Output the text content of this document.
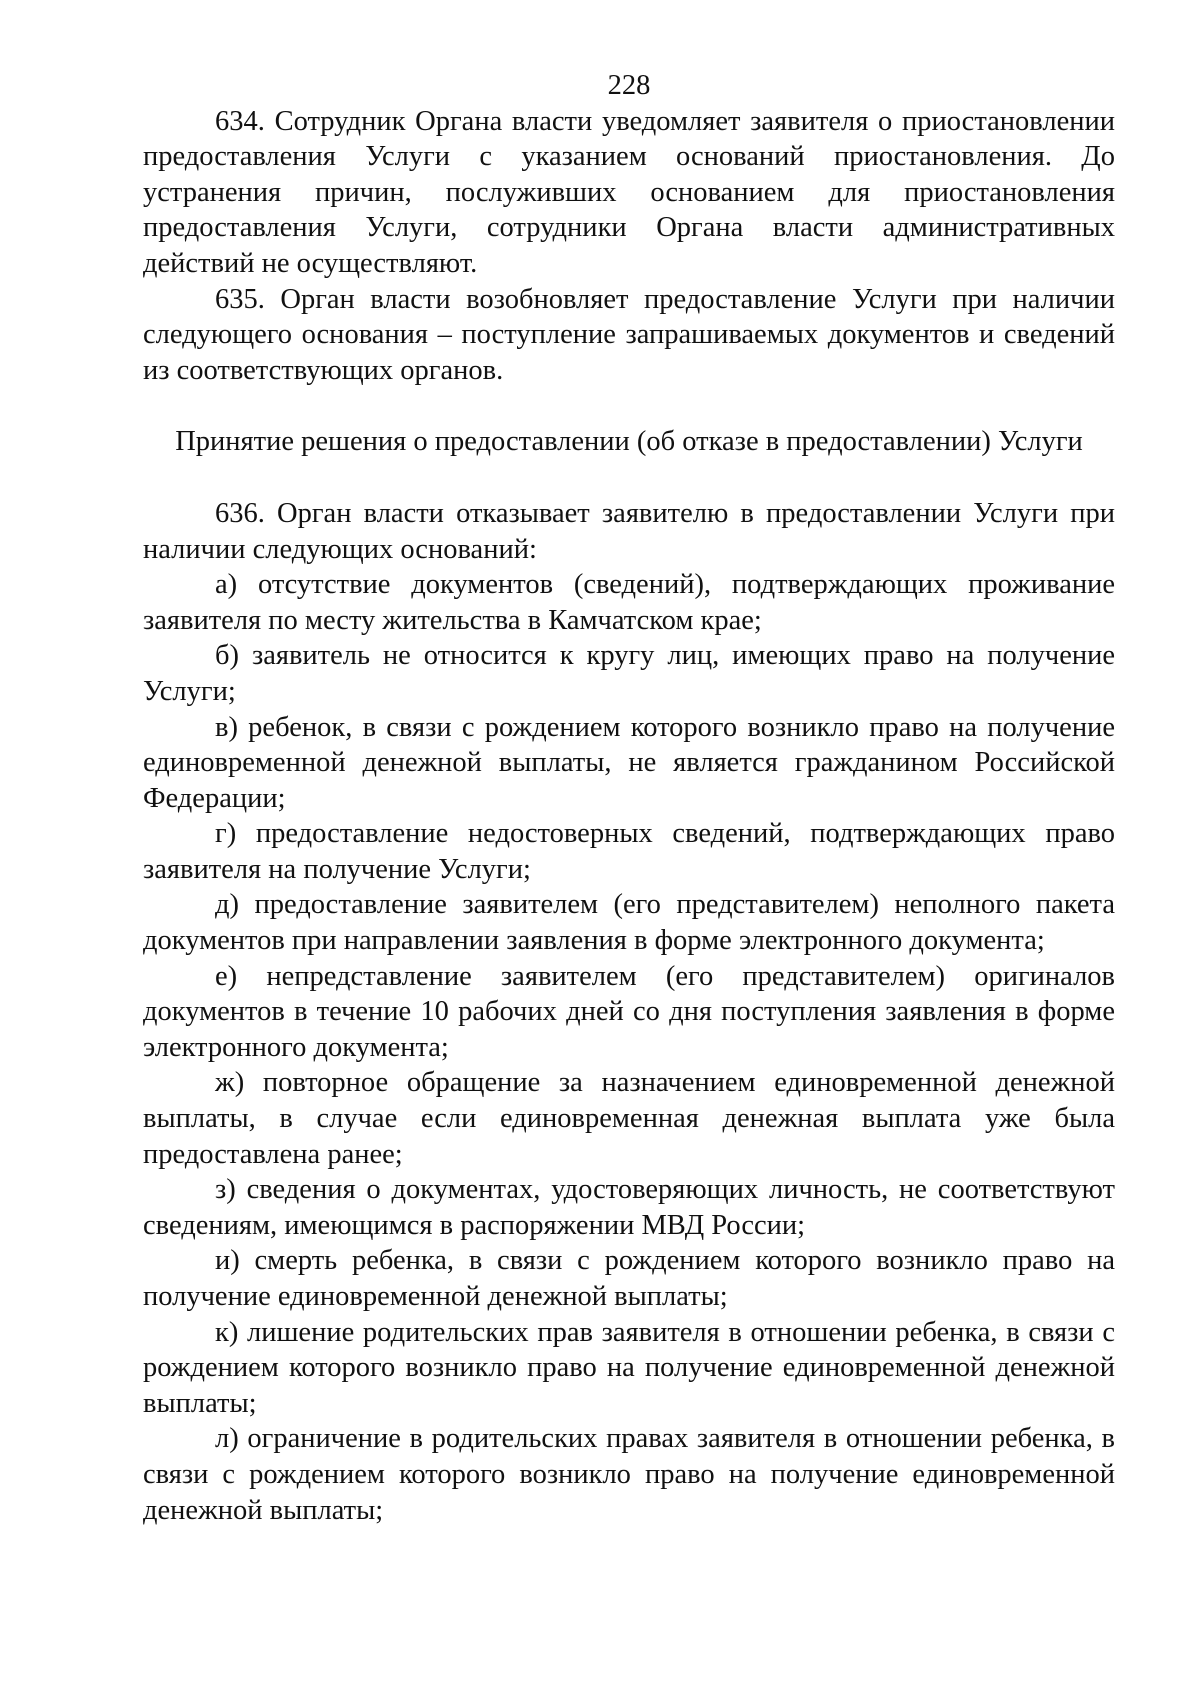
228

634. Сотрудник Органа власти уведомляет заявителя о приостановлении предоставления Услуги с указанием оснований приостановления. До устранения причин, послуживших основанием для приостановления предоставления Услуги, сотрудники Органа власти административных действий не осуществляют.

635. Орган власти возобновляет предоставление Услуги при наличии следующего основания – поступление запрашиваемых документов и сведений из соответствующих органов.

Принятие решения о предоставлении (об отказе в предоставлении) Услуги

636. Орган власти отказывает заявителю в предоставлении Услуги при наличии следующих оснований:

а) отсутствие документов (сведений), подтверждающих проживание заявителя по месту жительства в Камчатском крае;

б) заявитель не относится к кругу лиц, имеющих право на получение Услуги;

в) ребенок, в связи с рождением которого возникло право на получение единовременной денежной выплаты, не является гражданином Российской Федерации;

г) предоставление недостоверных сведений, подтверждающих право заявителя на получение Услуги;

д) предоставление заявителем (его представителем) неполного пакета документов при направлении заявления в форме электронного документа;

е) непредставление заявителем (его представителем) оригиналов документов в течение 10 рабочих дней со дня поступления заявления в форме электронного документа;

ж) повторное обращение за назначением единовременной денежной выплаты, в случае если единовременная денежная выплата уже была предоставлена ранее;

з) сведения о документах, удостоверяющих личность, не соответствуют сведениям, имеющимся в распоряжении МВД России;

и) смерть ребенка, в связи с рождением которого возникло право на получение единовременной денежной выплаты;

к) лишение родительских прав заявителя в отношении ребенка, в связи с рождением которого возникло право на получение единовременной денежной выплаты;

л) ограничение в родительских правах заявителя в отношении ребенка, в связи с рождением которого возникло право на получение единовременной денежной выплаты;
